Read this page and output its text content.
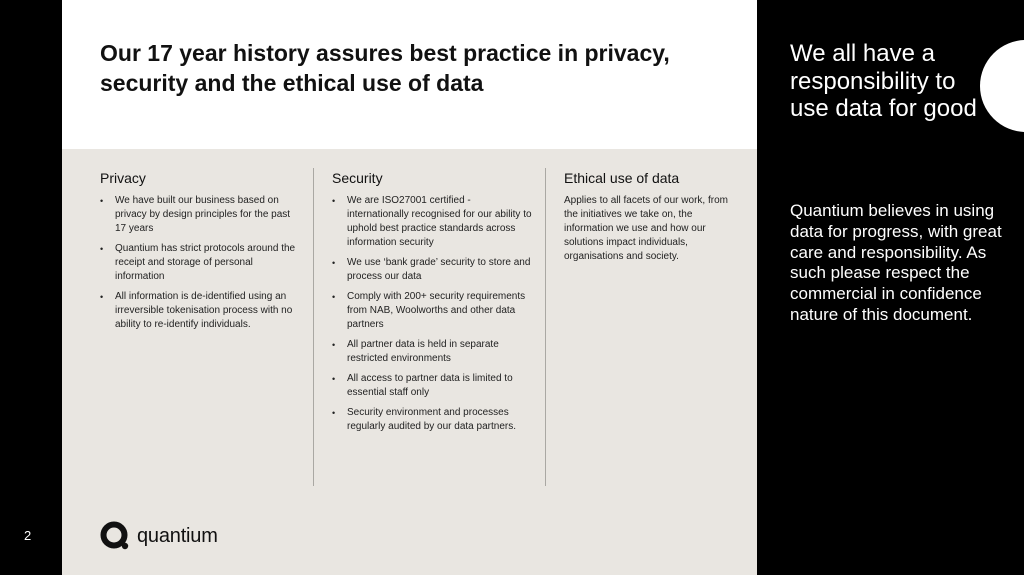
2
Our 17 year history assures best practice in privacy, security and the ethical use of data
Privacy
• We have built our business based on privacy by design principles for the past 17 years
• Quantium has strict protocols around the receipt and storage of personal information
• All information is de-identified using an irreversible tokenisation process with no ability to re-identify individuals.
Security
• We are ISO27001 certified - internationally recognised for our ability to uphold best practice standards across information security
• We use ‘bank grade’ security to store and process our data
• Comply with 200+ security requirements from NAB, Woolworths and other data partners
• All partner data is held in separate restricted environments
• All access to partner data is limited to essential staff only
• Security environment and processes regularly audited by our data partners.
Ethical use of data

Applies to all facets of our work, from the initiatives we take on, the information we use and how our solutions impact individuals, organisations and society.

quantium
We all have a responsibility to use data for good
Quantium believes in using data for progress, with great care and responsibility. As such please respect the commercial in confidence nature of this document.
